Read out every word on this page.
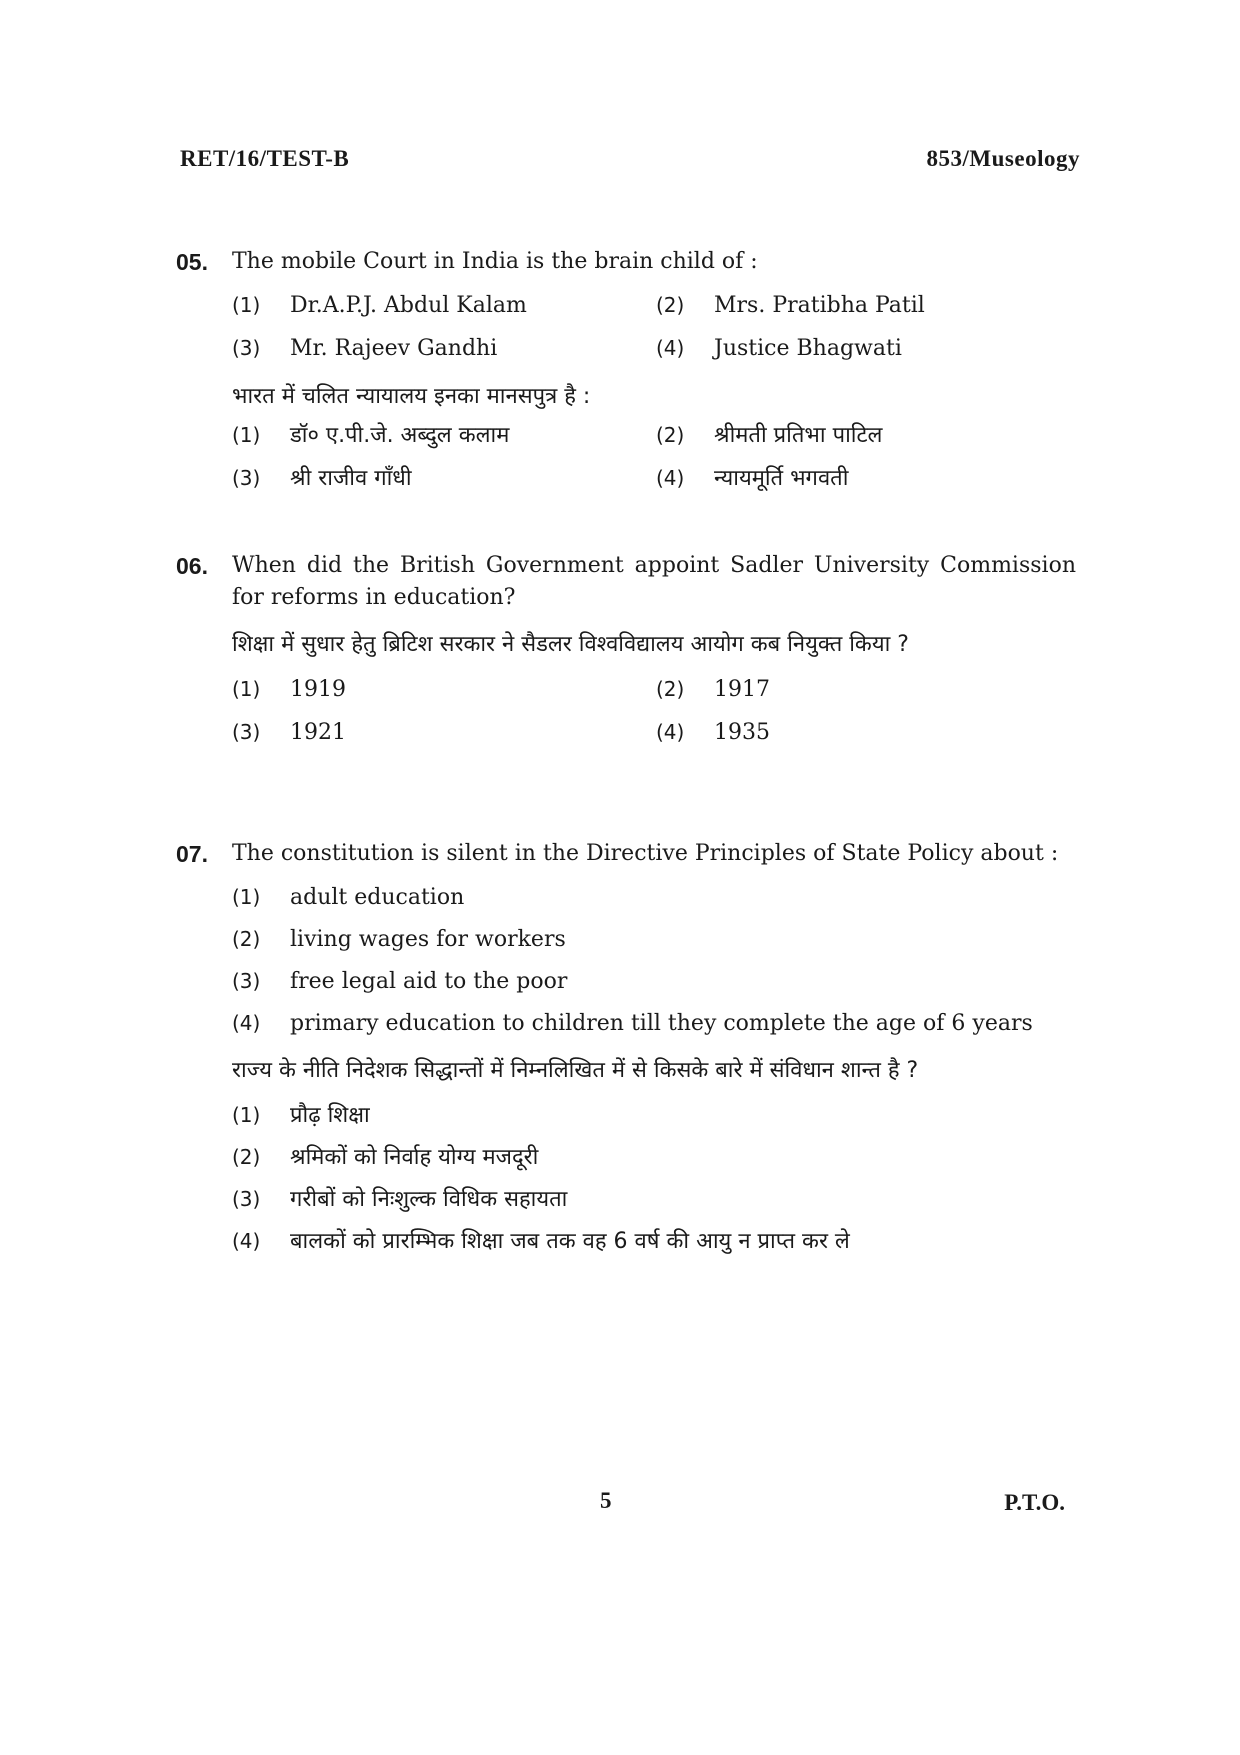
RET/16/TEST-B	853/Museology
05.	The mobile Court in India is the brain child of :
(1)	Dr.A.P.J. Abdul Kalam	(2)	Mrs. Pratibha Patil
(3)	Mr. Rajeev Gandhi	(4)	Justice Bhagwati
भारत में चलित न्यायालय इनका मानसपुत्र है :
(1)	डॉ० ए.पी.जे. अब्दुल कलाम	(2)	श्रीमती प्रतिभा पाटिल
(3)	श्री राजीव गाँधी	(4)	न्यायमूर्ति भगवती
06.	When did the British Government appoint Sadler University Commission for reforms in education?
शिक्षा में सुधार हेतु ब्रिटिश सरकार ने सैडलर विश्वविद्यालय आयोग कब नियुक्त किया ?
(1)	1919	(2)	1917
(3)	1921	(4)	1935
07.	The constitution is silent in the Directive Principles of State Policy about :
(1)	adult education
(2)	living wages for workers
(3)	free legal aid to the poor
(4)	primary education to children till they complete the age of 6 years
राज्य के नीति निदेशक सिद्धान्तों में निम्नलिखित में से किसके बारे में संविधान शान्त है ?
(1)	प्रौढ़ शिक्षा
(2)	श्रमिकों को निर्वाह योग्य मजदूरी
(3)	गरीबों को निःशुल्क विधिक सहायता
(4)	बालकों को प्रारम्भिक शिक्षा जब तक वह 6 वर्ष की आयु न प्राप्त कर ले
5	P.T.O.
